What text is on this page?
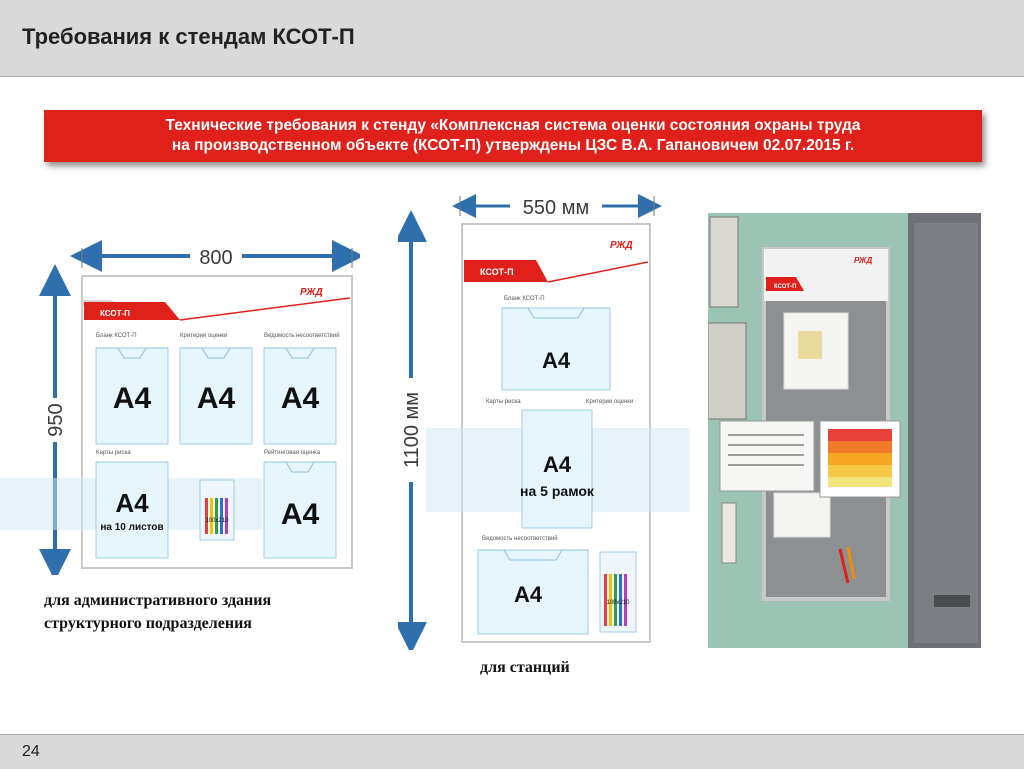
Требования к стендам КСОТ-П
Технические требования к стенду «Комплексная система оценки состояния охраны труда
на производственном объекте (КСОТ-П) утверждены ЦЗС В.А. Гапановичем 02.07.2015 г.
800
950
КСОТ-П
РЖД
Бланк КСОТ-П	Критерии оценки	Ведомость несоответствий
Карты риска	Рейтинговая оценка
A4 A4 A4
A4
на 10 листов
100х210 A4
для административного здания
структурного подразделения
550 мм
1100 мм
КСОТ-П
РЖД
Бланк КСОТ-П
Карты риска	Критерии оценки
Ведомость несоответствий
A4
A4
на 5 рамок
A4	100х210
для станций
КСОТ-П
РЖД
24
